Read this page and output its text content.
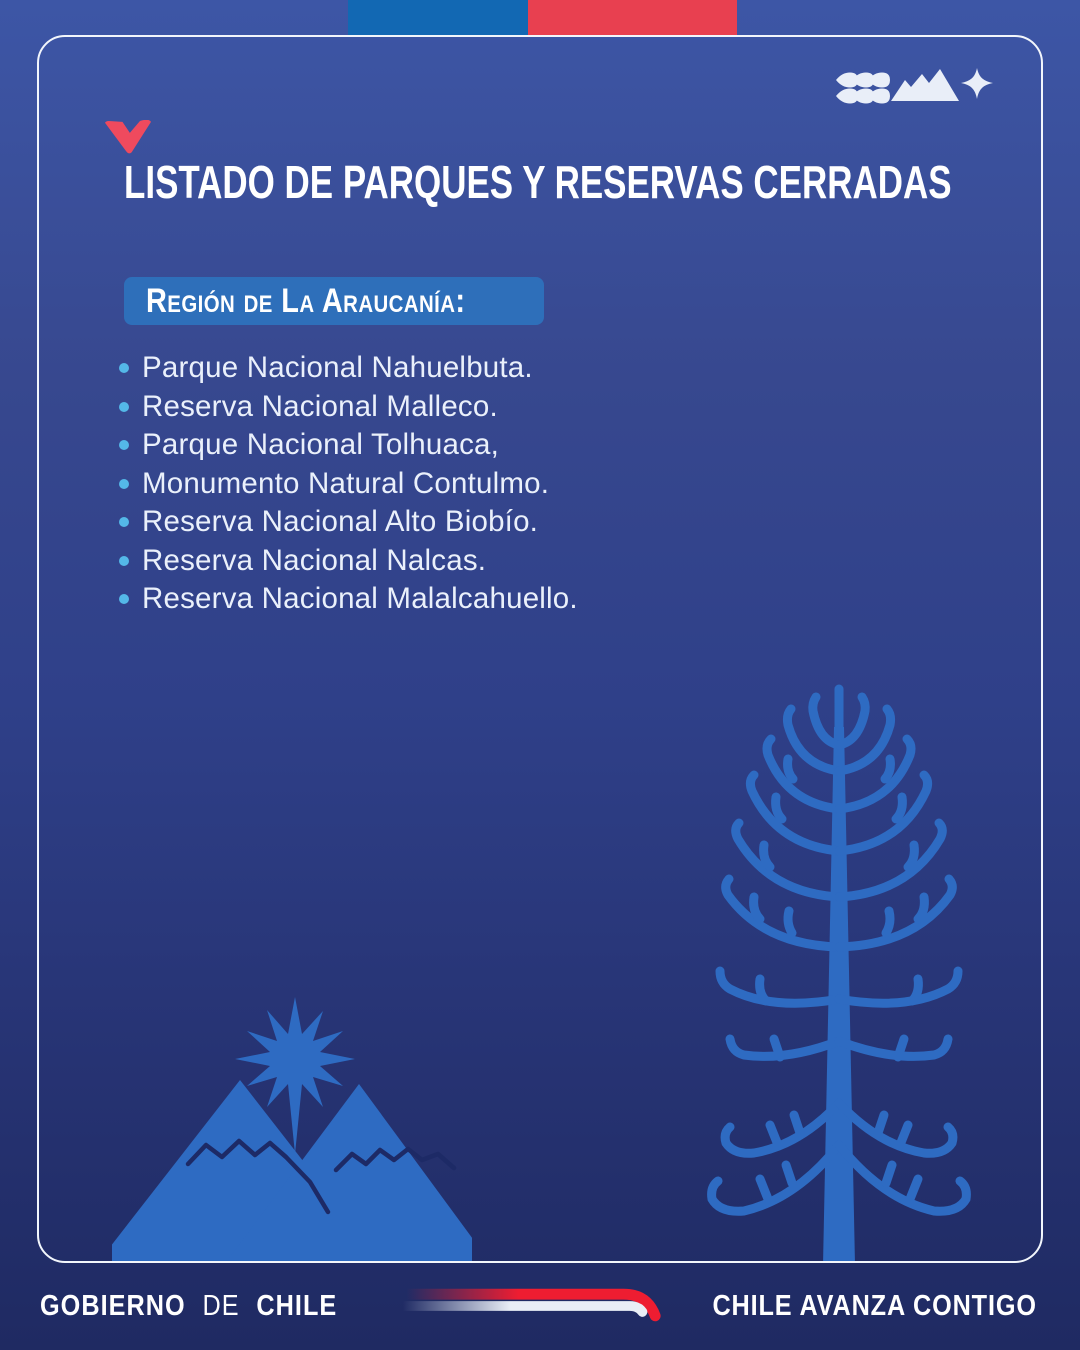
LISTADO DE PARQUES Y RESERVAS CERRADAS
Región de La Araucanía:
Parque Nacional Nahuelbuta.
Reserva Nacional Malleco.
Parque Nacional Tolhuaca,
Monumento Natural Contulmo.
Reserva Nacional Alto Biobío.
Reserva Nacional Nalcas.
Reserva Nacional Malalcahuello.
GOBIERNO DE CHILE	CHILE AVANZA CONTIGO
